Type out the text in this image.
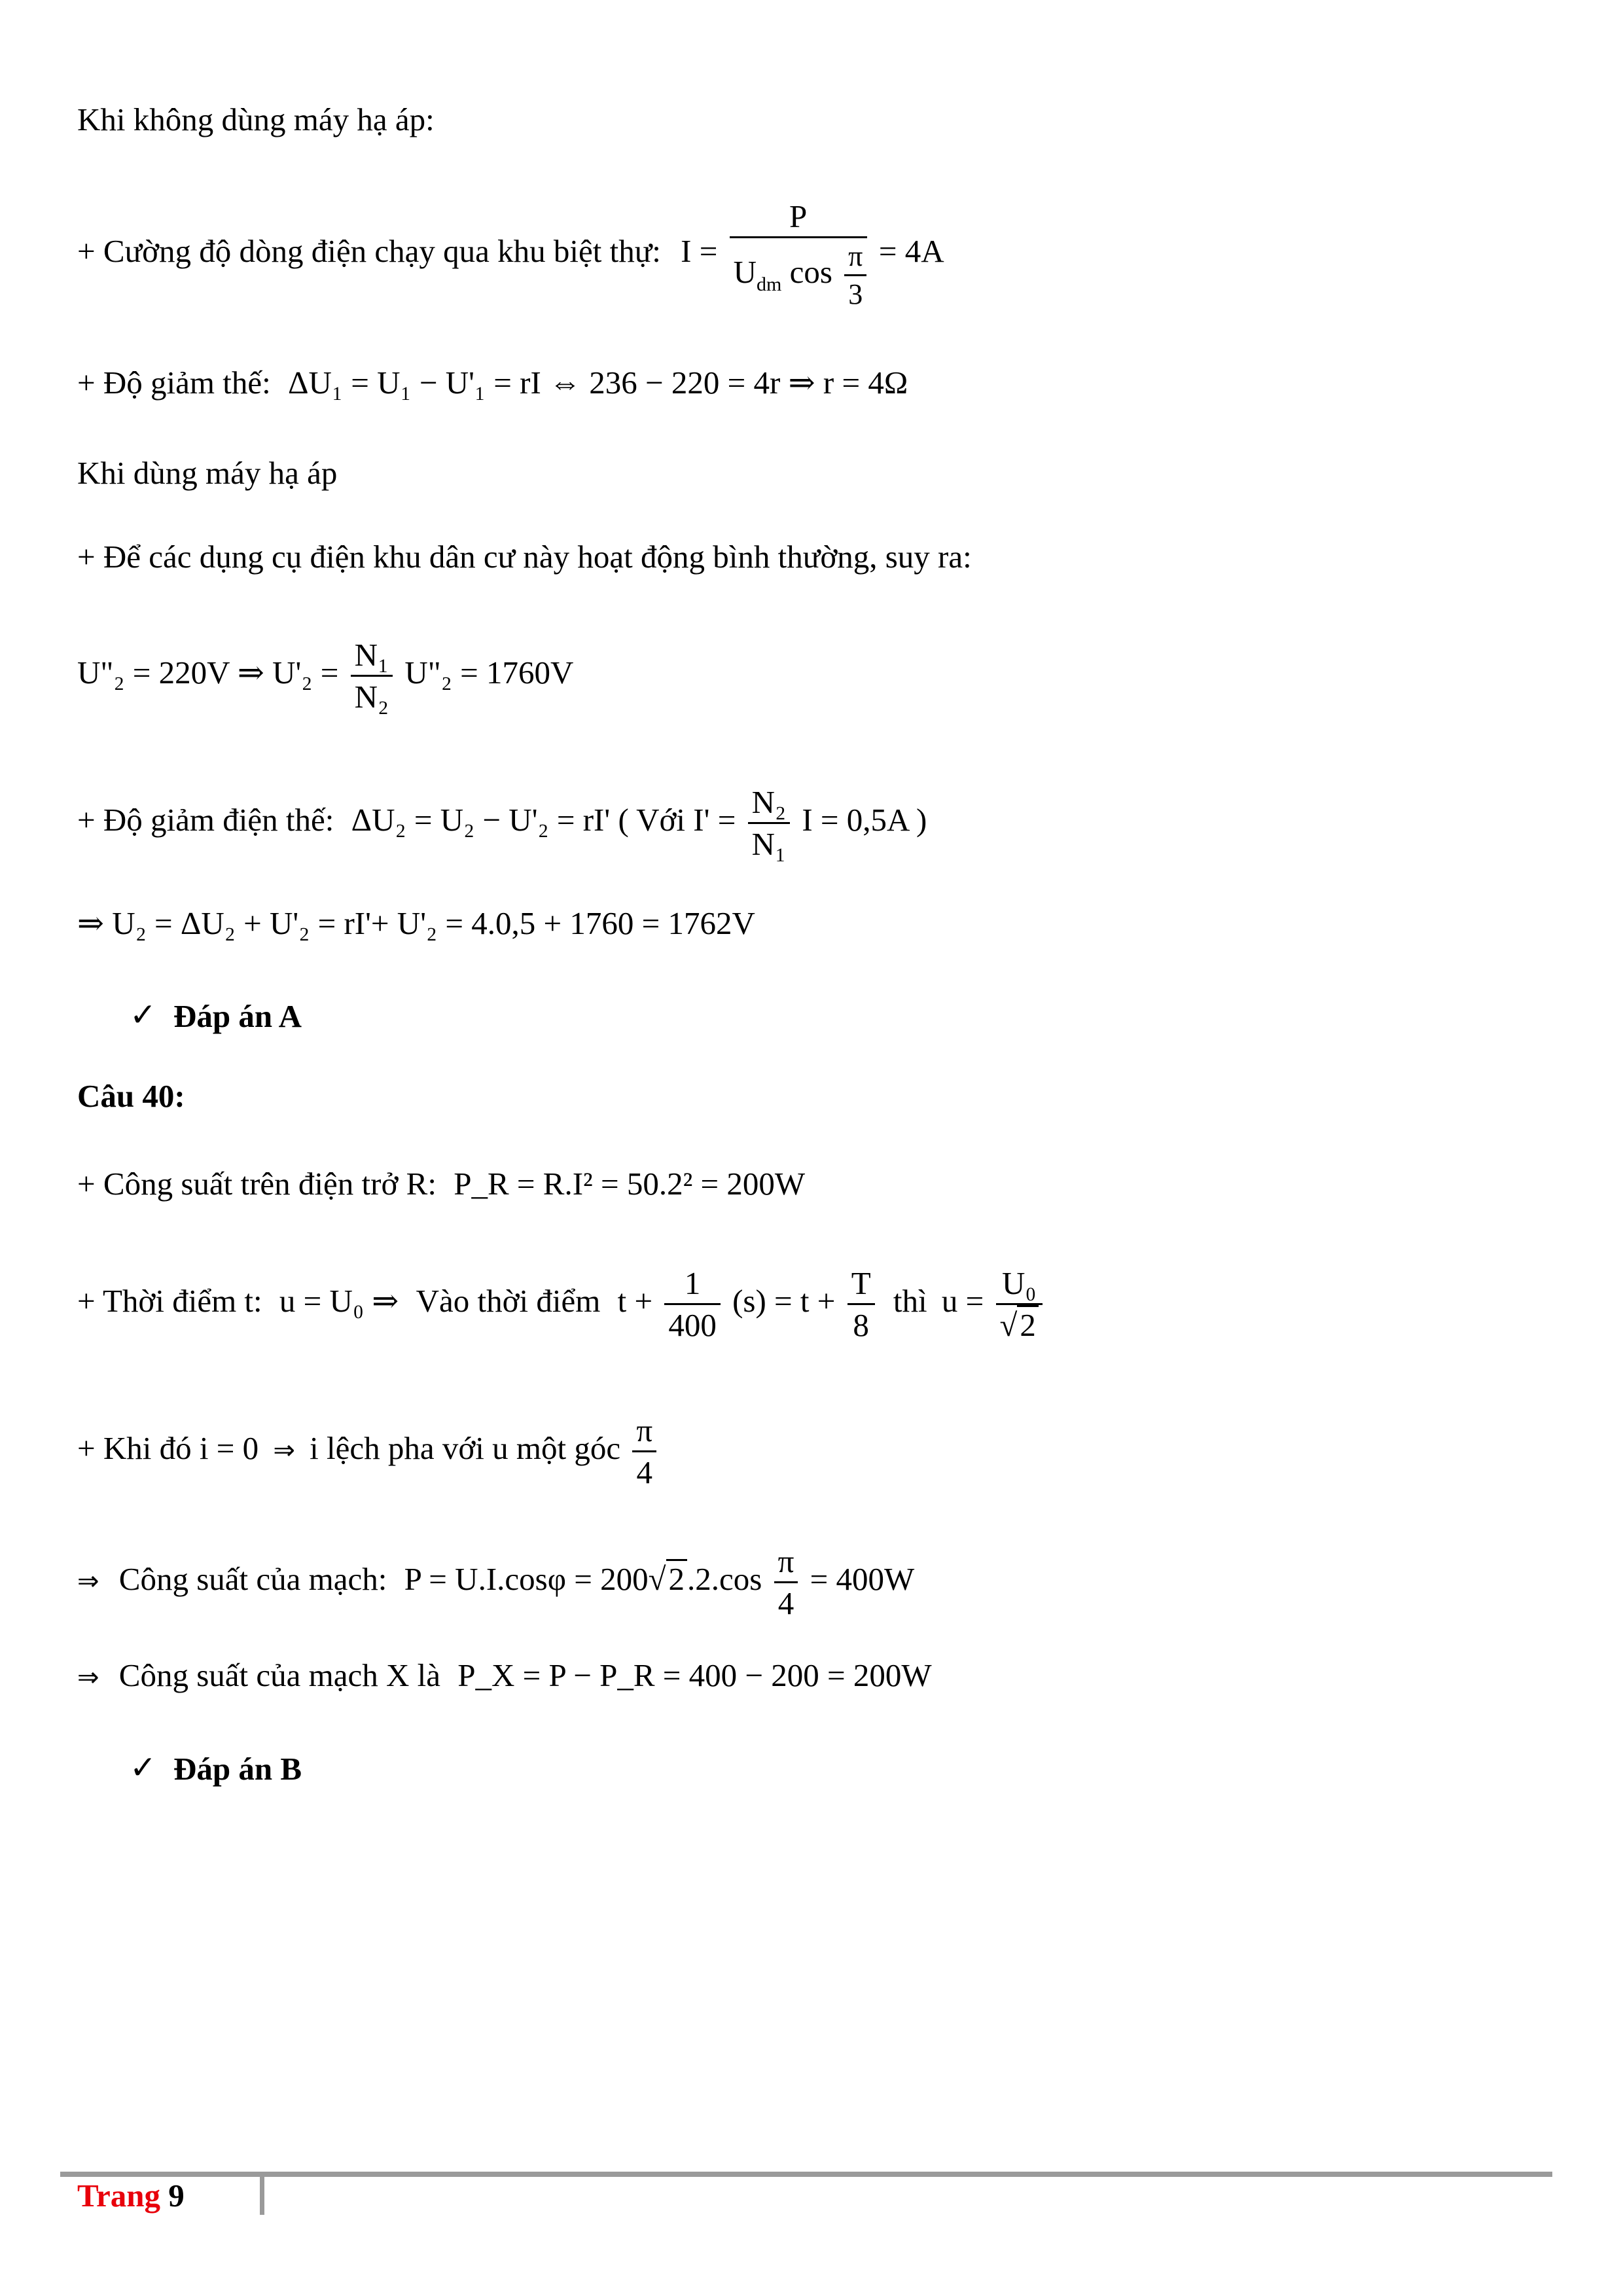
Khi không dùng máy hạ áp:
+ Cường độ dòng điện chạy qua khu biệt thự: $I = \frac{P}{U_{dm} \cos \frac{\pi}{3}} = 4A$
+ Độ giảm thế: ΔU₁ = U₁ − U'₁ = rI ⇔ 236 − 220 = 4r ⇒ r = 4Ω
Khi dùng máy hạ áp
+ Để các dụng cụ điện khu dân cư này hoạt động bình thường, suy ra:
U"₂ = 220V ⇒ $U'_2 = \frac{\text{N₁}}{\text{N₂}}$ U"₂ = 1760V
+ Độ giảm điện thế: ΔU₂ = U₂ − U'₂ = rI' ( Với $I' = \frac{\text{N₂}}{\text{N₁}}$ I = 0,5A )
⇒ U₂ = ΔU₂ + U'₂ = rI'+ U'₂ = 4.0,5 + 1760 = 1762V
✓ Đáp án A
Câu 40:
+ Công suất trên điện trở R: P_R = R.I² = 50.2² = 200W
+ Thời điểm t: u = U₀ ⇒ Vào thời điểm $t + \frac{1}{400} (s) = t + \frac{T}{8}$ thì $u = \frac{\text{U₀}}{√2}$
+ Khi đó i = 0 ⇒ i lệch pha với u một góc $\frac{\pi}{4}$
⇒ Công suất của mạch: $P = U.I.\cos\varphi = 200√2.2.\cos \frac{\pi}{4} = 400W$
⇒ Công suất của mạch X là P_X = P − P_R = 400 − 200 = 200W
✓ Đáp án B
Trang 9
